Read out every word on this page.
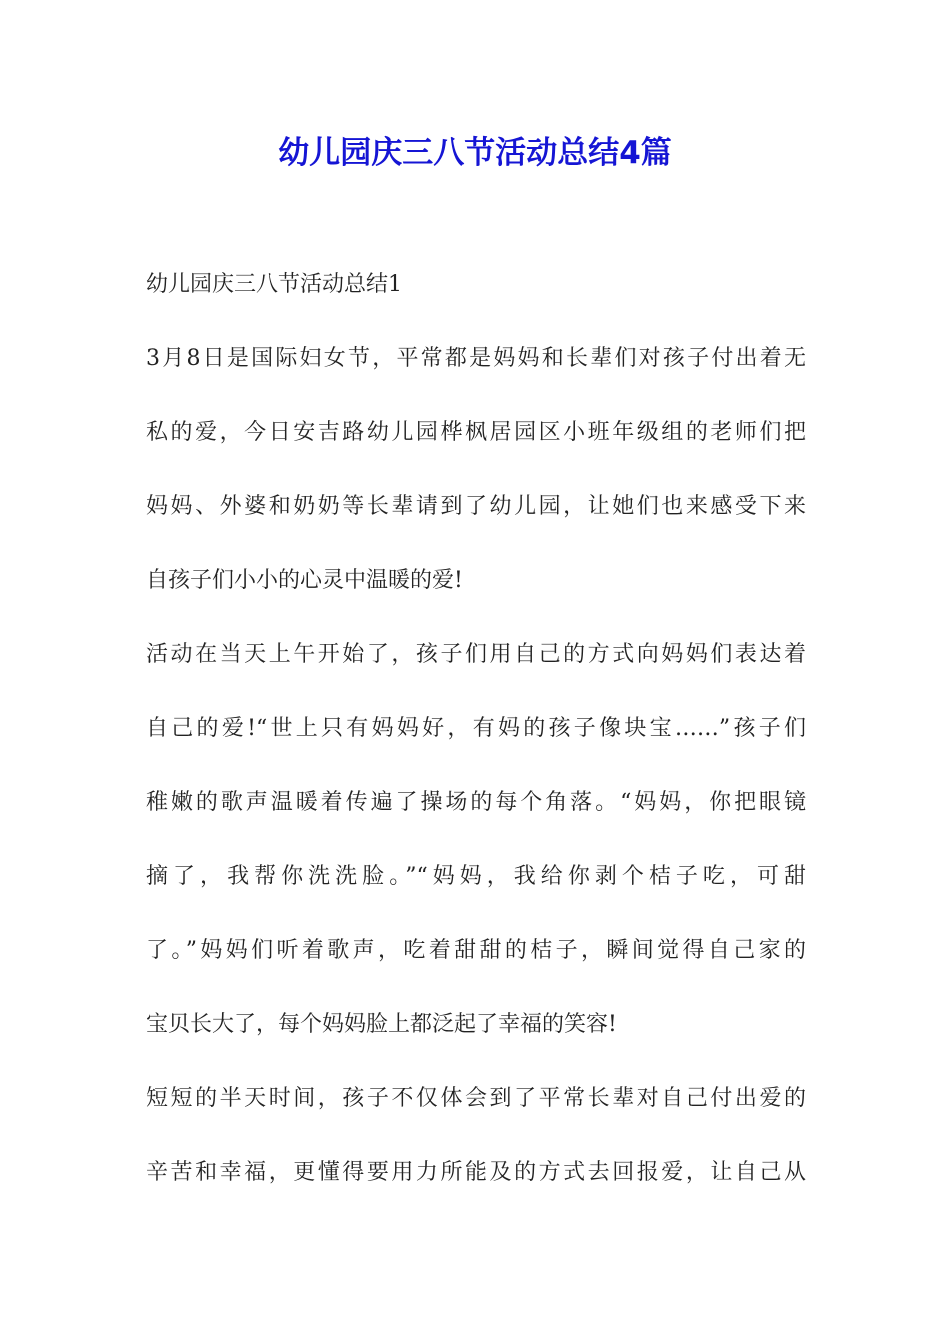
幼儿园庆三八节活动总结4篇

幼儿园庆三八节活动总结1

3月8日是国际妇女节，平常都是妈妈和长辈们对孩子付出着无
私的爱，今日安吉路幼儿园桦枫居园区小班年级组的老师们把
妈妈、外婆和奶奶等长辈请到了幼儿园，让她们也来感受下来
自孩子们小小的心灵中温暖的爱!
活动在当天上午开始了，孩子们用自己的方式向妈妈们表达着
自己的爱!“世上只有妈妈好，有妈的孩子像块宝……”孩子们
稚嫩的歌声温暖着传遍了操场的每个角落。“妈妈，你把眼镜
摘了，我帮你洗洗脸。”“妈妈，我给你剥个桔子吃，可甜
了。”妈妈们听着歌声，吃着甜甜的桔子，瞬间觉得自己家的
宝贝长大了，每个妈妈脸上都泛起了幸福的笑容!
短短的半天时间，孩子不仅体会到了平常长辈对自己付出爱的
辛苦和幸福，更懂得要用力所能及的方式去回报爱，让自己从
